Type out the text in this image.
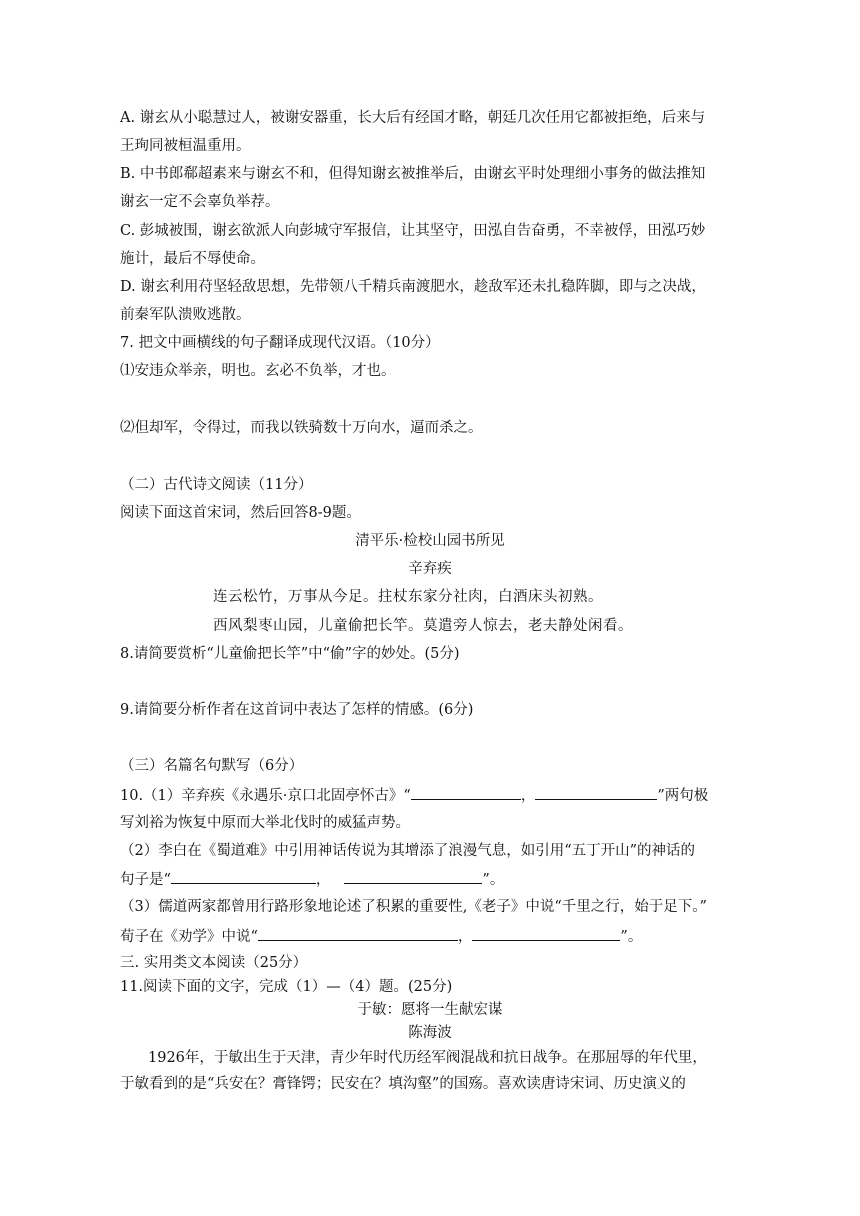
A. 谢玄从小聪慧过人，被谢安器重，长大后有经国才略，朝廷几次任用它都被拒绝，后来与
王珣同被桓温重用。
B. 中书郎郗超素来与谢玄不和，但得知谢玄被推举后，由谢玄平时处理细小事务的做法推知
谢玄一定不会辜负举荐。
C. 彭城被围，谢玄欲派人向彭城守军报信，让其坚守，田泓自告奋勇，不幸被俘，田泓巧妙
施计，最后不辱使命。
D. 谢玄利用苻坚轻敌思想，先带领八千精兵南渡肥水，趁敌军还未扎稳阵脚，即与之决战，
前秦军队溃败逃散。
7. 把文中画横线的句子翻译成现代汉语。（10分）
⑴安违众举亲，明也。玄必不负举，才也。
⑵但却军，令得过，而我以铁骑数十万向水，逼而杀之。
（二）古代诗文阅读（11分）
阅读下面这首宋词，然后回答8-9题。
清平乐·检校山园书所见
辛弃疾
连云松竹，万事从今足。拄杖东家分社肉，白酒床头初熟。
西风梨枣山园，儿童偷把长竿。莫遣旁人惊去，老夫静处闲看。
8.请简要赏析“儿童偷把长竿”中“偷”字的妙处。(5分)
9.请简要分析作者在这首词中表达了怎样的情感。(6分)
（三）名篇名句默写（6分）
10.（1）辛弃疾《永遇乐·京口北固亭怀古》“	，	”两句极
写刘裕为恢复中原而大举北伐时的威猛声势。
（2）李白在《蜀道难》中引用神话传说为其增添了浪漫气息，如引用“五丁开山”的神话的
句子是“	，	”。
（3）儒道两家都曾用行路形象地论述了积累的重要性,《老子》中说“千里之行，始于足下。”
荀子在《劝学》中说“	，	”。
三. 实用类文本阅读（25分）
11.阅读下面的文字，完成（1）—（4）题。(25分)
于敏：愿将一生献宏谋
陈海波
1926年，于敏出生于天津，青少年时代历经军阀混战和抗日战争。在那屈辱的年代里，
于敏看到的是“兵安在？膏锋锷；民安在？填沟壑”的国殇。喜欢读唐诗宋词、历史演义的
